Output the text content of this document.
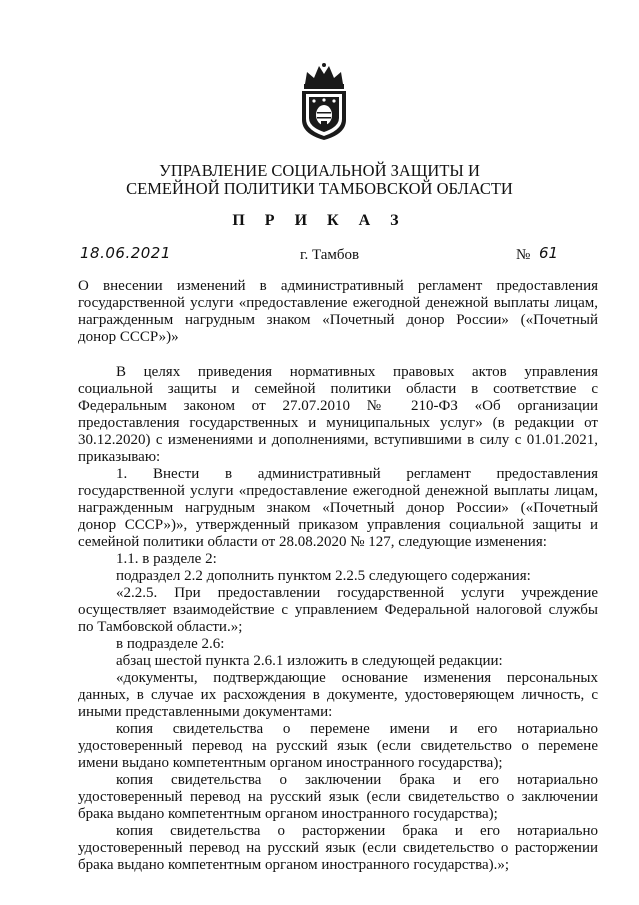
УПРАВЛЕНИЕ СОЦИАЛЬНОЙ ЗАЩИТЫ И
СЕМЕЙНОЙ ПОЛИТИКИ ТАМБОВСКОЙ ОБЛАСТИ
П Р И К А З
18.06.2021	г. Тамбов	№ 61
О внесении изменений в административный регламент предоставления
государственной услуги «предоставление ежегодной денежной выплаты лицам,
награжденным нагрудным знаком «Почетный донор России» («Почетный
донор СССР»)»
В целях приведения нормативных правовых актов управления
социальной защиты и семейной политики области в соответствие с
Федеральным законом от 27.07.2010 № 210-ФЗ «Об организации
предоставления государственных и муниципальных услуг» (в редакции от
30.12.2020) с изменениями и дополнениями, вступившими в силу с 01.01.2021,
приказываю:
1. Внести в административный регламент предоставления
государственной услуги «предоставление ежегодной денежной выплаты лицам,
награжденным нагрудным знаком «Почетный донор России» («Почетный
донор СССР»)», утвержденный приказом управления социальной защиты и
семейной политики области от 28.08.2020 № 127, следующие изменения:
1.1. в разделе 2:
подраздел 2.2 дополнить пунктом 2.2.5 следующего содержания:
«2.2.5. При предоставлении государственной услуги учреждение
осуществляет взаимодействие с управлением Федеральной налоговой службы
по Тамбовской области.»;
в подразделе 2.6:
абзац шестой пункта 2.6.1 изложить в следующей редакции:
«документы, подтверждающие основание изменения персональных
данных, в случае их расхождения в документе, удостоверяющем личность, с
иными представленными документами:
копия свидетельства о перемене имени и его нотариально
удостоверенный перевод на русский язык (если свидетельство о перемене
имени выдано компетентным органом иностранного государства);
копия свидетельства о заключении брака и его нотариально
удостоверенный перевод на русский язык (если свидетельство о заключении
брака выдано компетентным органом иностранного государства);
копия свидетельства о расторжении брака и его нотариально
удостоверенный перевод на русский язык (если свидетельство о расторжении
брака выдано компетентным органом иностранного государства).»;
